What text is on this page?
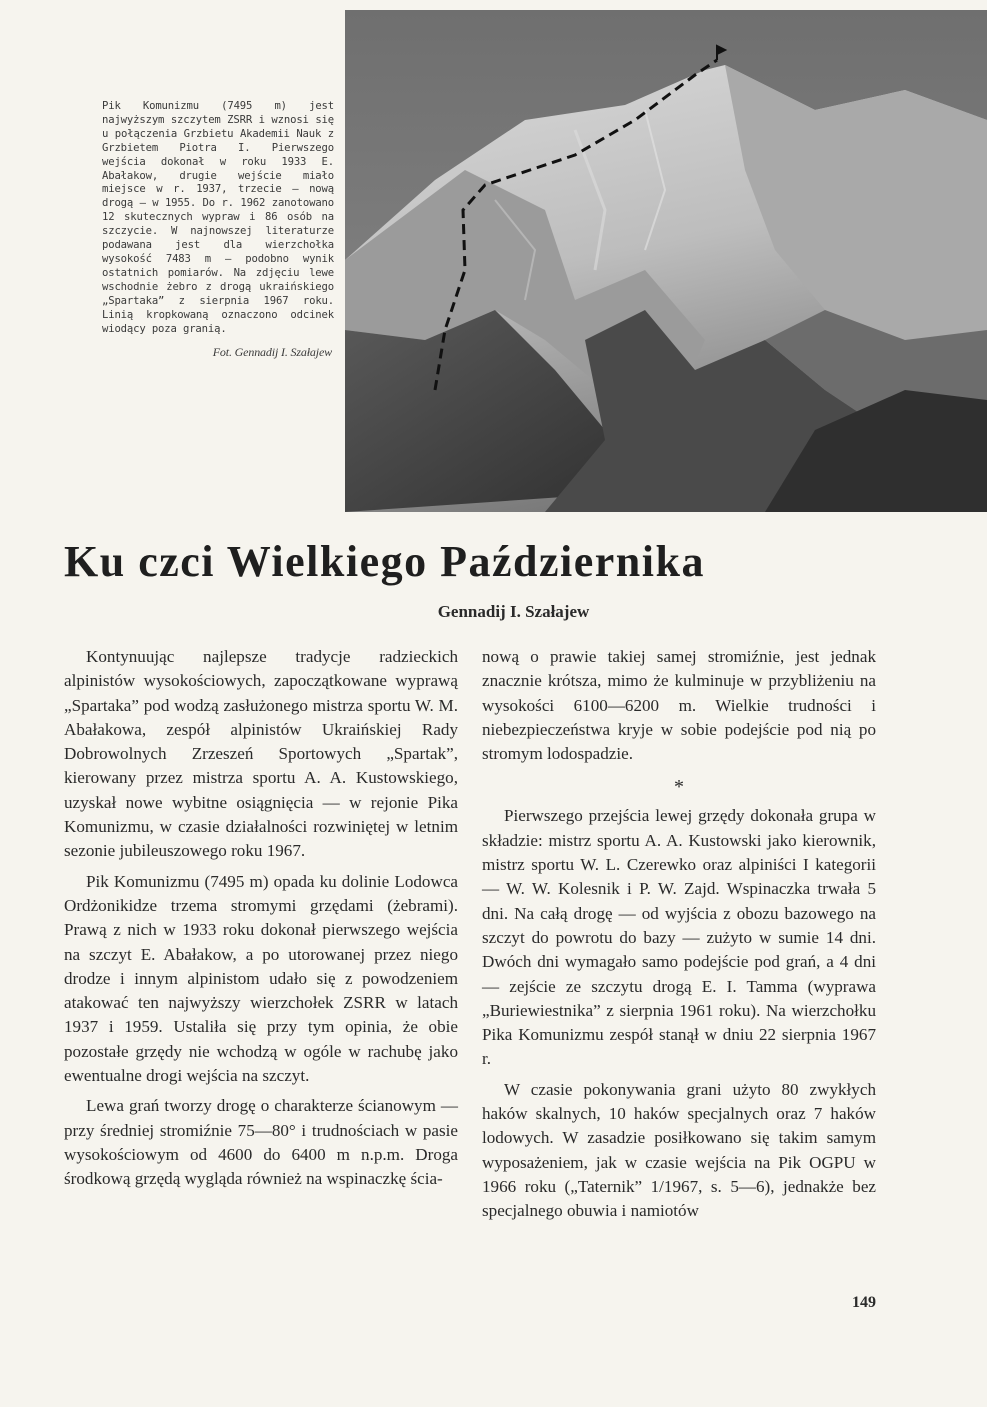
Pik Komunizmu (7495 m) jest najwyższym szczytem ZSRR i wznosi się u połączenia Grzbietu Akademii Nauk z Grzbietem Piotra I. Pierwszego wejścia dokonał w roku 1933 E. Abałakow, drugie wejście miało miejsce w r. 1937, trzecie – nową drogą – w 1955. Do r. 1962 zanotowano 12 skutecznych wypraw i 86 osób na szczycie. W najnowszej literaturze podawana jest dla wierzchołka wysokość 7483 m – podobno wynik ostatnich pomiarów. Na zdjęciu lewe wschodnie żebro z drogą ukraińskiego „Spartaka” z sierpnia 1967 roku. Linią kropkowaną oznaczono odcinek wiodący poza granią.
Fot. Gennadij I. Szałajew
Ku czci Wielkiego Października
Gennadij I. Szałajew

Kontynuując najlepsze tradycje radzieckich alpinistów wysokościowych, zapoczątkowane wyprawą „Spartaka” pod wodzą zasłużonego mistrza sportu W. M. Abałakowa, zespół alpinistów Ukraińskiej Rady Dobrowolnych Zrzeszeń Sportowych „Spartak”, kierowany przez mistrza sportu A. A. Kustowskiego, uzyskał nowe wybitne osiągnięcia — w rejonie Pika Komunizmu, w czasie działalności rozwiniętej w letnim sezonie jubileuszowego roku 1967.

Pik Komunizmu (7495 m) opada ku dolinie Lodowca Ordżonikidze trzema stromymi grzędami (żebrami). Prawą z nich w 1933 roku dokonał pierwszego wejścia na szczyt E. Abałakow, a po utorowanej przez niego drodze i innym alpinistom udało się z powodzeniem atakować ten najwyższy wierzchołek ZSRR w latach 1937 i 1959. Ustaliła się przy tym opinia, że obie pozostałe grzędy nie wchodzą w ogóle w rachubę jako ewentualne drogi wejścia na szczyt.

Lewa grań tworzy drogę o charakterze ścianowym — przy średniej stromiźnie 75—80° i trudnościach w pasie wysokościowym od 4600 do 6400 m n.p.m. Droga środkową grzędą wygląda również na wspinaczkę ścia-

nową o prawie takiej samej stromiźnie, jest jednak znacznie krótsza, mimo że kulminuje w przybliżeniu na wysokości 6100—6200 m. Wielkie trudności i niebezpieczeństwa kryje w sobie podejście pod nią po stromym lodospadzie.

*

Pierwszego przejścia lewej grzędy dokonała grupa w składzie: mistrz sportu A. A. Kustowski jako kierownik, mistrz sportu W. L. Czerewko oraz alpiniści I kategorii — W. W. Kolesnik i P. W. Zajd. Wspinaczka trwała 5 dni. Na całą drogę — od wyjścia z obozu bazowego na szczyt do powrotu do bazy — zużyto w sumie 14 dni. Dwóch dni wymagało samo podejście pod grań, a 4 dni — zejście ze szczytu drogą E. I. Tamma (wyprawa „Buriewiestnika” z sierpnia 1961 roku). Na wierzchołku Pika Komunizmu zespół stanął w dniu 22 sierpnia 1967 r.

W czasie pokonywania grani użyto 80 zwykłych haków skalnych, 10 haków specjalnych oraz 7 haków lodowych. W zasadzie posiłkowano się takim samym wyposażeniem, jak w czasie wejścia na Pik OGPU w 1966 roku („Taternik” 1/1967, s. 5—6), jednakże bez specjalnego obuwia i namiotów

149
